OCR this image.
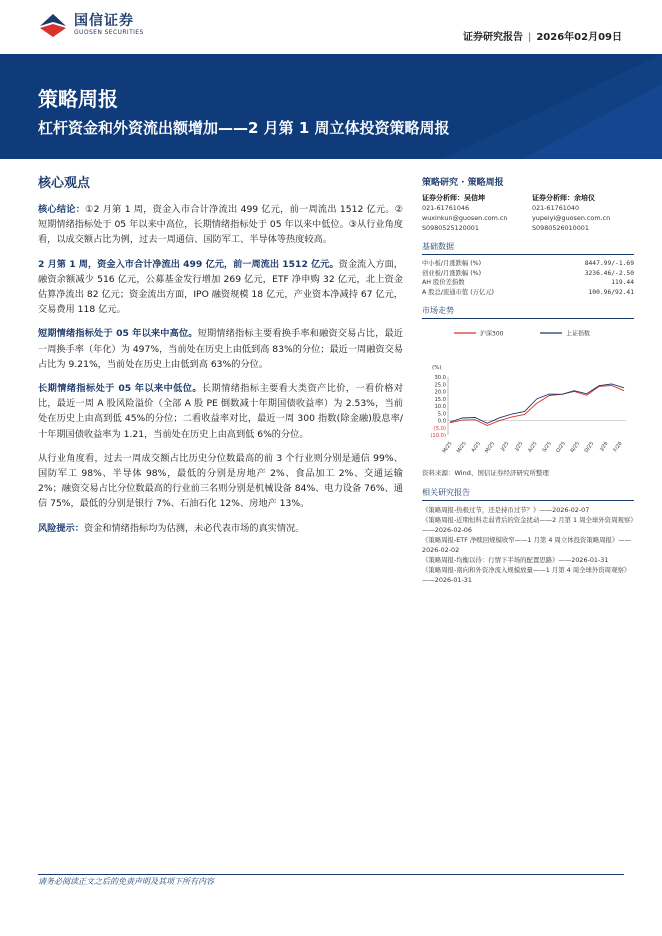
国信证券
GUOSEN SECURITIES	证券研究报告 | 2026年02月09日
策略周报
杠杆资金和外资流出额增加——2 月第 1 周立体投资策略周报
核心观点

核心结论：①2 月第 1 周，资金入市合计净流出 499 亿元，前一周流出 1512 亿元。②短期情绪指标处于 05 年以来中高位，长期情绪指标处于 05 年以来中低位。③从行业角度看，以成交额占比为例，过去一周通信、国防军工、半导体等热度较高。

2 月第 1 周，资金入市合计净流出 499 亿元，前一周流出 1512 亿元。资金流入方面，融资余额减少 516 亿元，公募基金发行增加 269 亿元，ETF 净申购 32 亿元，北上资金估算净流出 82 亿元；资金流出方面，IPO 融资规模 18 亿元，产业资本净减持 67 亿元，交易费用 118 亿元。

短期情绪指标处于 05 年以来中高位。短期情绪指标主要看换手率和融资交易占比，最近一周换手率（年化）为 497%，当前处在历史上由低到高 83%的分位；最近一周融资交易占比为 9.21%，当前处在历史上由低到高 63%的分位。

长期情绪指标处于 05 年以来中低位。长期情绪指标主要看大类资产比价，一看价格对比，最近一周 A 股风险溢价（全部 A 股 PE 倒数减十年期国债收益率）为 2.53%，当前处在历史上由高到低 45%的分位；二看收益率对比，最近一周 300 指数(除金融)股息率/十年期国债收益率为 1.21，当前处在历史上由高到低 6%的分位。

从行业角度看，过去一周成交额占比历史分位数最高的前 3 个行业则分别是通信 99%、国防军工 98%、半导体 98%，最低的分别是房地产 2%、食品加工 2%、交通运输 2%；融资交易占比分位数最高的行业前三名则分别是机械设备 84%、电力设备 76%、通信 75%，最低的分别是银行 7%、石油石化 12%、房地产 13%。

风险提示：资金和情绪指标均为估测，未必代表市场的真实情况。

策略研究 · 策略周报
证券分析师：吴信坤
021-61761046
wuxinkun@guosen.com.cn
S0980525120001
证券分析师：余培仪
021-61761040
yupeiyi@guosen.com.cn
S0980526010001
基础数据
中小板/月涨跌幅 (%)	8447.99/-1.69
创业板/月涨跌幅 (%)	3236.46/-2.50
AH 股价差指数	119.44
A 股总/流通市值 (万亿元)	100.96/92.41
市场走势
沪深300	上证指数
(%)
30.0
25.0
20.0
15.0
10.0
5.0
0.0
(5.0)
(10.0)
M/25 M/25 A/25 M/25 J/25 J/25 A/25 S/25 O/25 N/25 D/25 J/26 F/26
资料来源：Wind、国信证券经济研究所整理
相关研究报告
《策略周报-热极过节，还是持币过节？》——2026-02-07
《策略周报-近期恒科走弱背后的资金扰动——2 月第 1 周全球外资周观察》——2026-02-06
《策略周报-ETF 净赎回规模收窄——1 月第 4 周立体投资策略周报》——2026-02-02
《策略周报-均衡以待：行情下半场的配置思路》——2026-01-31
《策略周报-南向和外资净流入规模放量——1 月第 4 周全球外资周观察》——2026-01-31
请务必阅读正文之后的免责声明及其项下所有内容
